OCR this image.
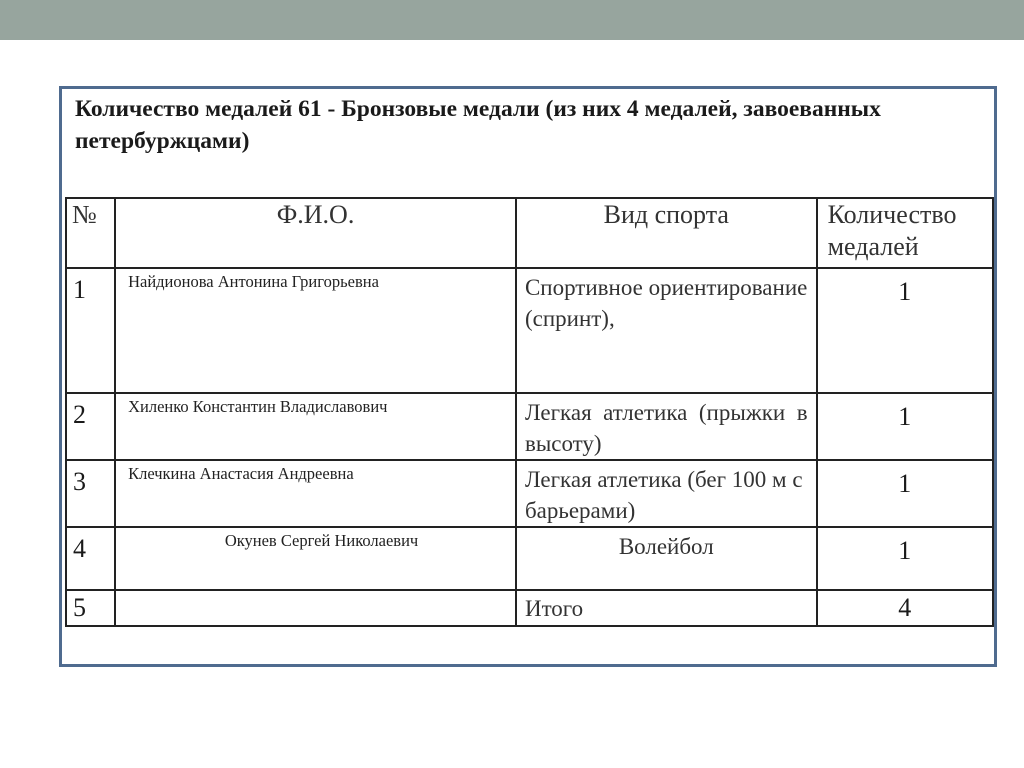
Количество медалей 61 - Бронзовые медали (из них 4 медалей, завоеванных петербуржцами)

№	Ф.И.О.	Вид спорта	Количество медалей
1	Найдионова Антонина Григорьевна	Спортивное ориентирование (спринт),	1
2	Хиленко Константин Владиславович	Легкая атлетика (прыжки в высоту)	1
3	Клечкина Анастасия Андреевна	Легкая атлетика (бег 100 м с барьерами)	1
4	Окунев Сергей Николаевич	Волейбол	1
5		Итого	4
